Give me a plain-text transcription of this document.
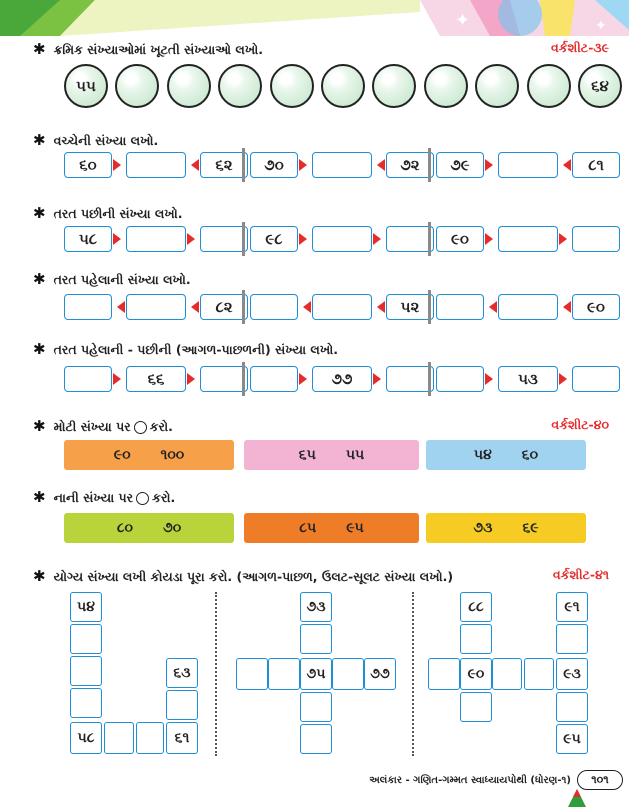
✦	✦
✱ ક્રમિક સંખ્યાઓમાં ખૂટતી સંખ્યાઓ લખો.	વર્કશીટ-૩૯
૫૫	૬૪
✱ વચ્ચેની સંખ્યા લખો.
૬૦	૬૨	૭૦	૭૨	૭૯	૮૧
✱ તરત પછીની સંખ્યા લખો.
૫૮	૯૮	૯૦
✱ તરત પહેલાની સંખ્યા લખો.
૮૨	૫૨	૯૦
✱ તરત પહેલાની - પછીની (આગળ-પાછળની) સંખ્યા લખો.
૬૬	૭૭	૫૩
✱ મોટી સંખ્યા પર કરો.	વર્કશીટ-૪૦
૯૦ ૧૦૦	૬૫ ૫૫	૫૪ ૬૦
✱ નાની સંખ્યા પર કરો.
૮૦ ૭૦	૮૫ ૯૫	૭૩ ૬૯
✱ યોગ્ય સંખ્યા લખી કોયડા પૂરા કરો. (આગળ-પાછળ, ઉલટ-સૂલટ સંખ્યા લખો.)	વર્કશીટ-૪૧
૫૪
૫૮	૬૧
૬૩
૭૩
૭૫	૭૭
૮૮
૯૦	૯૩
૯૧
૯૫
અલંકાર - ગણિત-ગમ્મત સ્વાધ્યાયપોથી (ધોરણ-૧)	૧૦૧
